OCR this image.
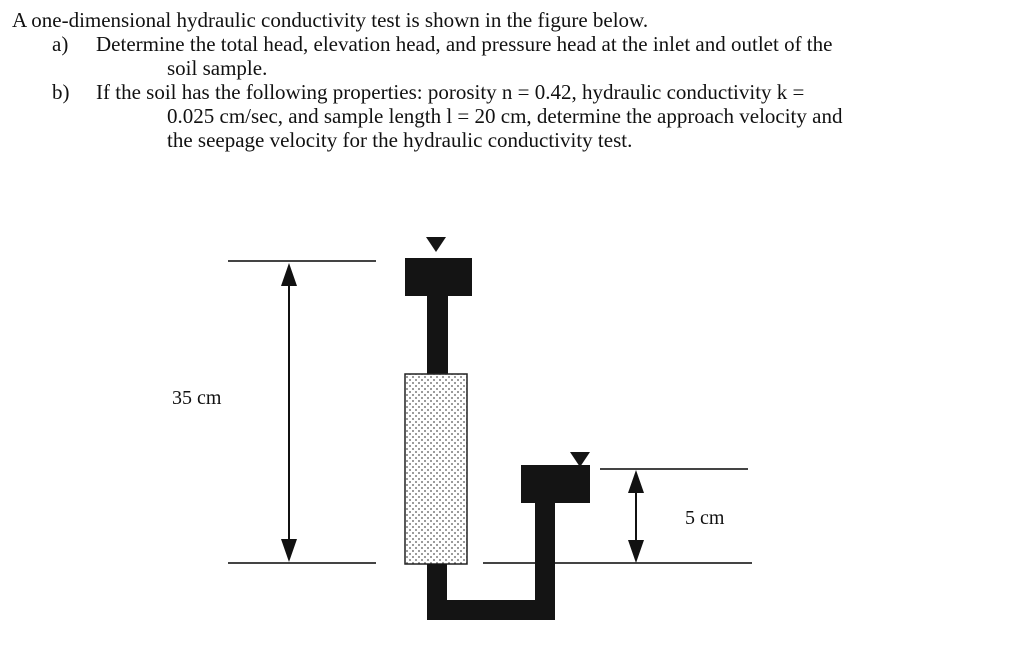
A one-dimensional hydraulic conductivity test is shown in the figure below.

a) Determine the total head, elevation head, and pressure head at the inlet and outlet of the
soil sample.
b) If the soil has the following properties: porosity n = 0.42, hydraulic conductivity k =
0.025 cm/sec, and sample length l = 20 cm, determine the approach velocity and
the seepage velocity for the hydraulic conductivity test.
35 cm
5 cm
